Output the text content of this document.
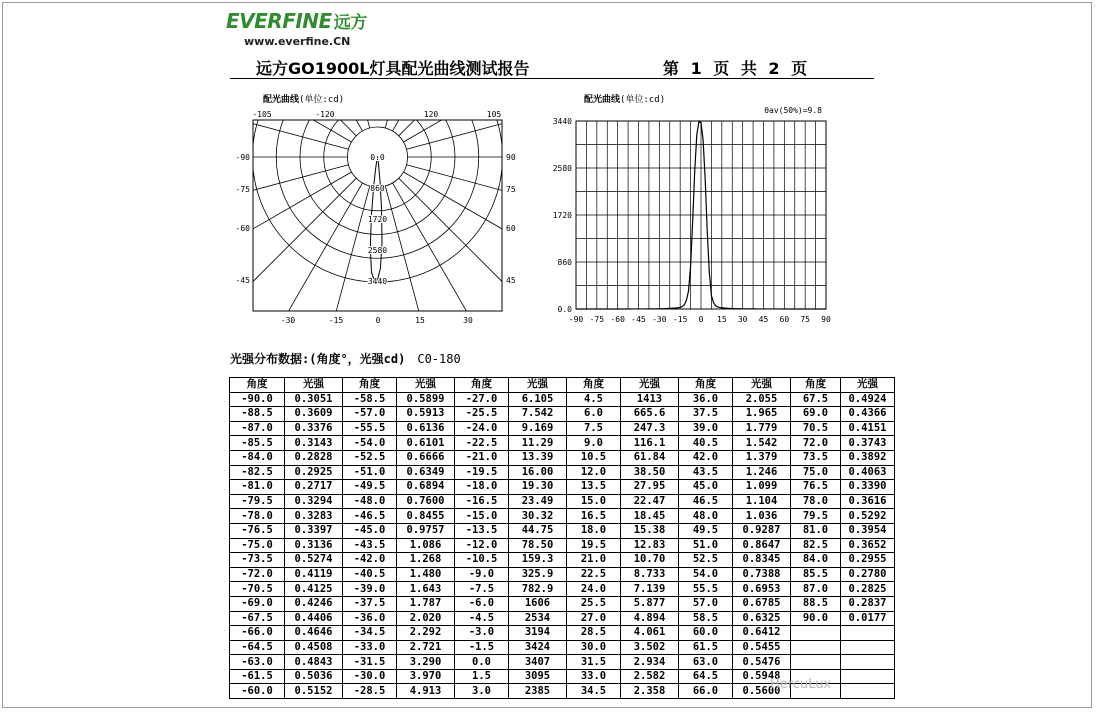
EVERFINE 远方
www.everfine.CN
远方GO1900L灯具配光曲线测试报告	第 1 页 共 2 页
配光曲线(单位:cd)	配光曲线(单位:cd)
-105	-120	120	105
-90
-75
-60
-45
90
75
60
45
-30	-15	0	15	30
0.0
860
1720
2580
3440
-90 -75 -60 -45 -30 -15 0 15 30 45 60 75 90
0.0
860
1720
2580
3440
θav(50%)=9.8
光强分布数据:(角度°，光强cd) C0-180
角度	光强	角度	光强	角度	光强	角度	光强	角度	光强	角度	光强
-90.0	0.3051	-58.5	0.5899	-27.0	6.105	4.5	1413	36.0	2.055	67.5	0.4924
-88.5	0.3609	-57.0	0.5913	-25.5	7.542	6.0	665.6	37.5	1.965	69.0	0.4366
-87.0	0.3376	-55.5	0.6136	-24.0	9.169	7.5	247.3	39.0	1.779	70.5	0.4151
-85.5	0.3143	-54.0	0.6101	-22.5	11.29	9.0	116.1	40.5	1.542	72.0	0.3743
-84.0	0.2828	-52.5	0.6666	-21.0	13.39	10.5	61.84	42.0	1.379	73.5	0.3892
-82.5	0.2925	-51.0	0.6349	-19.5	16.00	12.0	38.50	43.5	1.246	75.0	0.4063
-81.0	0.2717	-49.5	0.6894	-18.0	19.30	13.5	27.95	45.0	1.099	76.5	0.3390
-79.5	0.3294	-48.0	0.7600	-16.5	23.49	15.0	22.47	46.5	1.104	78.0	0.3616
-78.0	0.3283	-46.5	0.8455	-15.0	30.32	16.5	18.45	48.0	1.036	79.5	0.5292
-76.5	0.3397	-45.0	0.9757	-13.5	44.75	18.0	15.38	49.5	0.9287	81.0	0.3954
-75.0	0.3136	-43.5	1.086	-12.0	78.50	19.5	12.83	51.0	0.8647	82.5	0.3652
-73.5	0.5274	-42.0	1.268	-10.5	159.3	21.0	10.70	52.5	0.8345	84.0	0.2955
-72.0	0.4119	-40.5	1.480	-9.0	325.9	22.5	8.733	54.0	0.7388	85.5	0.2780
-70.5	0.4125	-39.0	1.643	-7.5	782.9	24.0	7.139	55.5	0.6953	87.0	0.2825
-69.0	0.4246	-37.5	1.787	-6.0	1606	25.5	5.877	57.0	0.6785	88.5	0.2837
-67.5	0.4406	-36.0	2.020	-4.5	2534	27.0	4.894	58.5	0.6325	90.0	0.0177
-66.0	0.4646	-34.5	2.292	-3.0	3194	28.5	4.061	60.0	0.6412		
-64.5	0.4508	-33.0	2.721	-1.5	3424	30.0	3.502	61.5	0.5455		
-63.0	0.4843	-31.5	3.290	0.0	3407	31.5	2.934	63.0	0.5476		
-61.5	0.5036	-30.0	3.970	1.5	3095	33.0	2.582	64.5	0.5948		
-60.0	0.5152	-28.5	4.913	3.0	2385	34.5	2.358	66.0	0.5600		
HercuLux
